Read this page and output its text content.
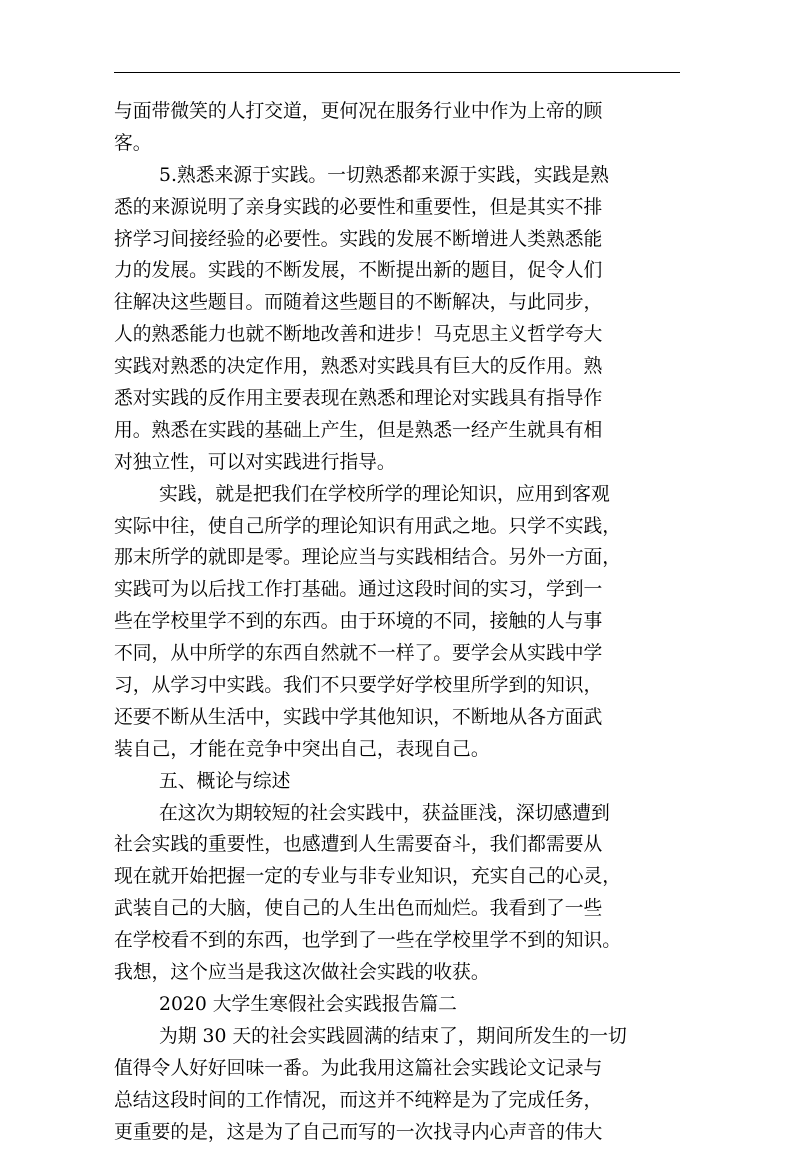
与面带微笑的人打交道，更何况在服务行业中作为上帝的顾
客。
5.熟悉来源于实践。一切熟悉都来源于实践，实践是熟
悉的来源说明了亲身实践的必要性和重要性，但是其实不排
挤学习间接经验的必要性。实践的发展不断增进人类熟悉能
力的发展。实践的不断发展，不断提出新的题目，促令人们
往解决这些题目。而随着这些题目的不断解决，与此同步，
人的熟悉能力也就不断地改善和进步！马克思主义哲学夸大
实践对熟悉的决定作用，熟悉对实践具有巨大的反作用。熟
悉对实践的反作用主要表现在熟悉和理论对实践具有指导作
用。熟悉在实践的基础上产生，但是熟悉一经产生就具有相
对独立性，可以对实践进行指导。
实践，就是把我们在学校所学的理论知识，应用到客观
实际中往，使自己所学的理论知识有用武之地。只学不实践，
那末所学的就即是零。理论应当与实践相结合。另外一方面，
实践可为以后找工作打基础。通过这段时间的实习，学到一
些在学校里学不到的东西。由于环境的不同，接触的人与事
不同，从中所学的东西自然就不一样了。要学会从实践中学
习，从学习中实践。我们不只要学好学校里所学到的知识，
还要不断从生活中，实践中学其他知识，不断地从各方面武
装自己，才能在竞争中突出自己，表现自己。
五、概论与综述
在这次为期较短的社会实践中，获益匪浅，深切感遭到
社会实践的重要性，也感遭到人生需要奋斗，我们都需要从
现在就开始把握一定的专业与非专业知识，充实自己的心灵，
武装自己的大脑，使自己的人生出色而灿烂。我看到了一些
在学校看不到的东西，也学到了一些在学校里学不到的知识。
我想，这个应当是我这次做社会实践的收获。
2020 大学生寒假社会实践报告篇二
为期 30 天的社会实践圆满的结束了，期间所发生的一切
值得令人好好回味一番。为此我用这篇社会实践论文记录与
总结这段时间的工作情况，而这并不纯粹是为了完成任务，
更重要的是，这是为了自己而写的一次找寻内心声音的伟大
